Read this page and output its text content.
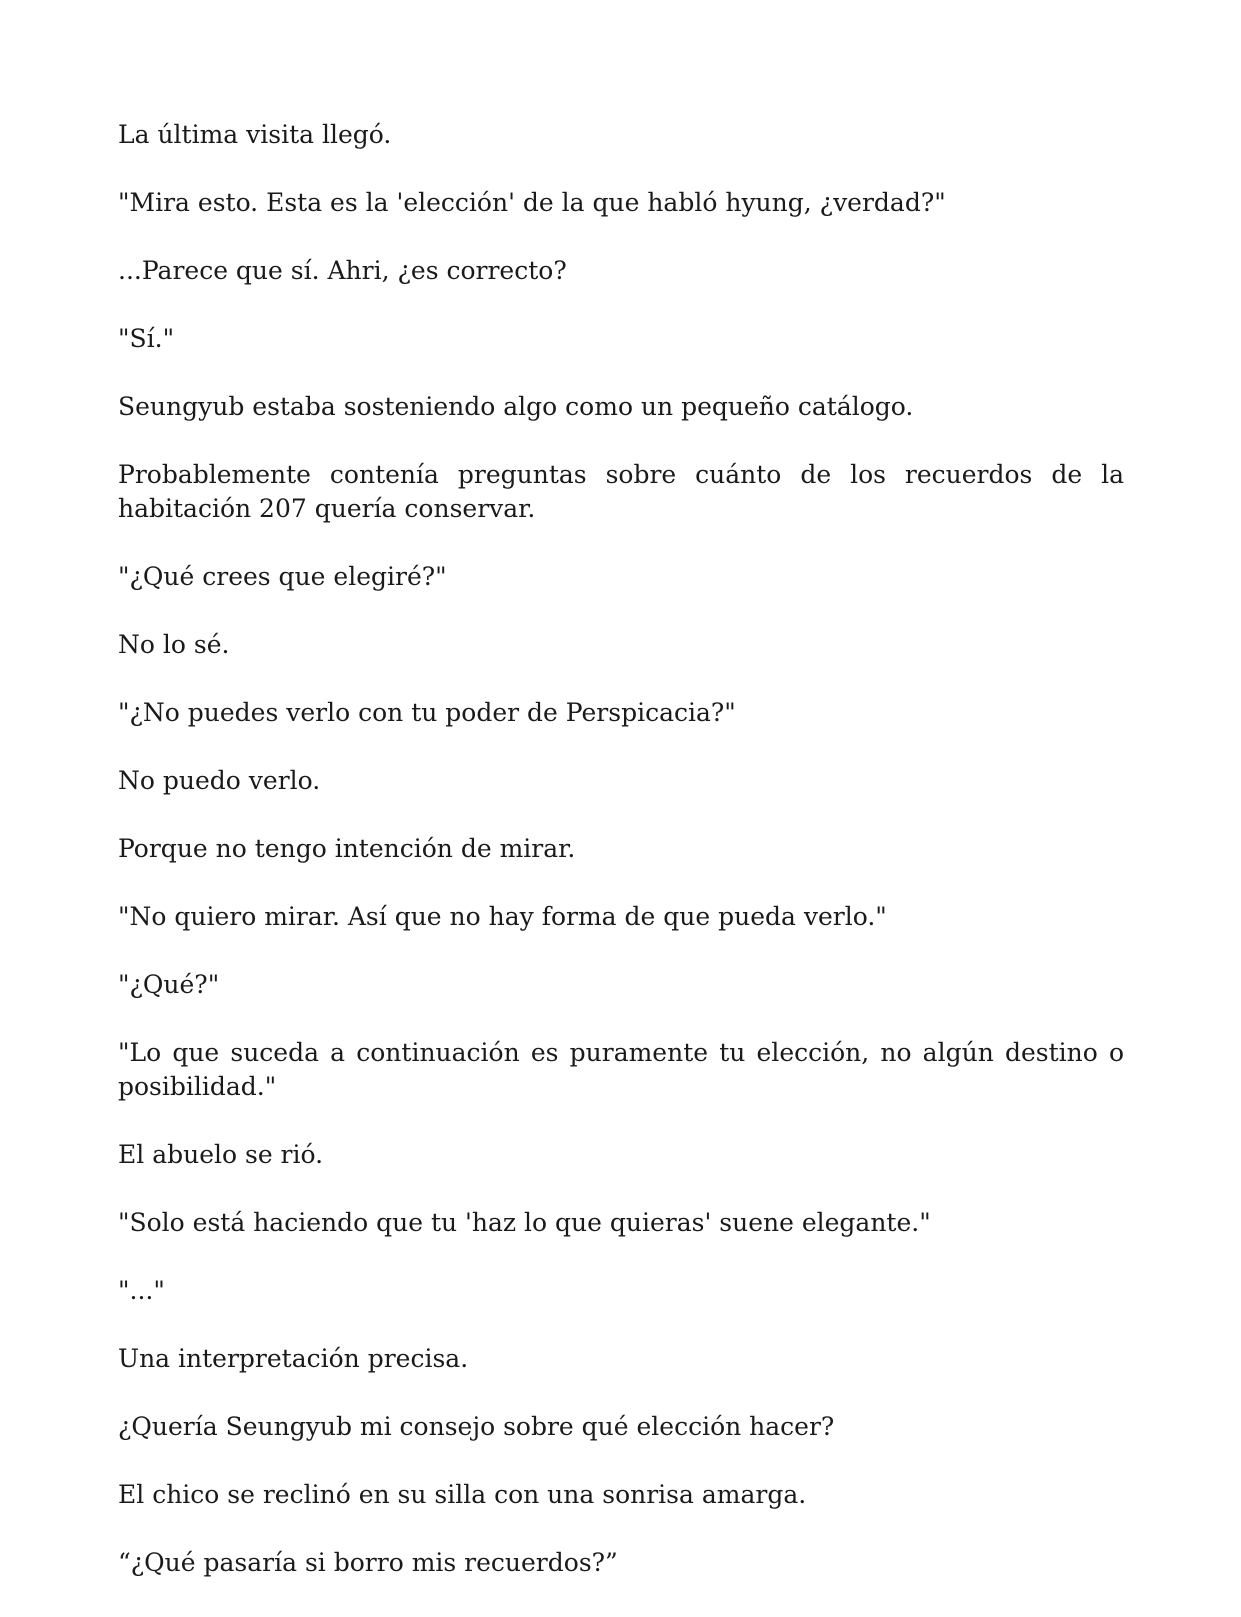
La última visita llegó.

"Mira esto. Esta es la 'elección' de la que habló hyung, ¿verdad?"

...Parece que sí. Ahri, ¿es correcto?

"Sí."

Seungyub estaba sosteniendo algo como un pequeño catálogo.

Probablemente contenía preguntas sobre cuánto de los recuerdos de la habitación 207 quería conservar.

"¿Qué crees que elegiré?"

No lo sé.

"¿No puedes verlo con tu poder de Perspicacia?"

No puedo verlo.

Porque no tengo intención de mirar.

"No quiero mirar. Así que no hay forma de que pueda verlo."

"¿Qué?"

"Lo que suceda a continuación es puramente tu elección, no algún destino o posibilidad."

El abuelo se rió.

"Solo está haciendo que tu 'haz lo que quieras' suene elegante."

"..."

Una interpretación precisa.

¿Quería Seungyub mi consejo sobre qué elección hacer?

El chico se reclinó en su silla con una sonrisa amarga.

“¿Qué pasaría si borro mis recuerdos?”
